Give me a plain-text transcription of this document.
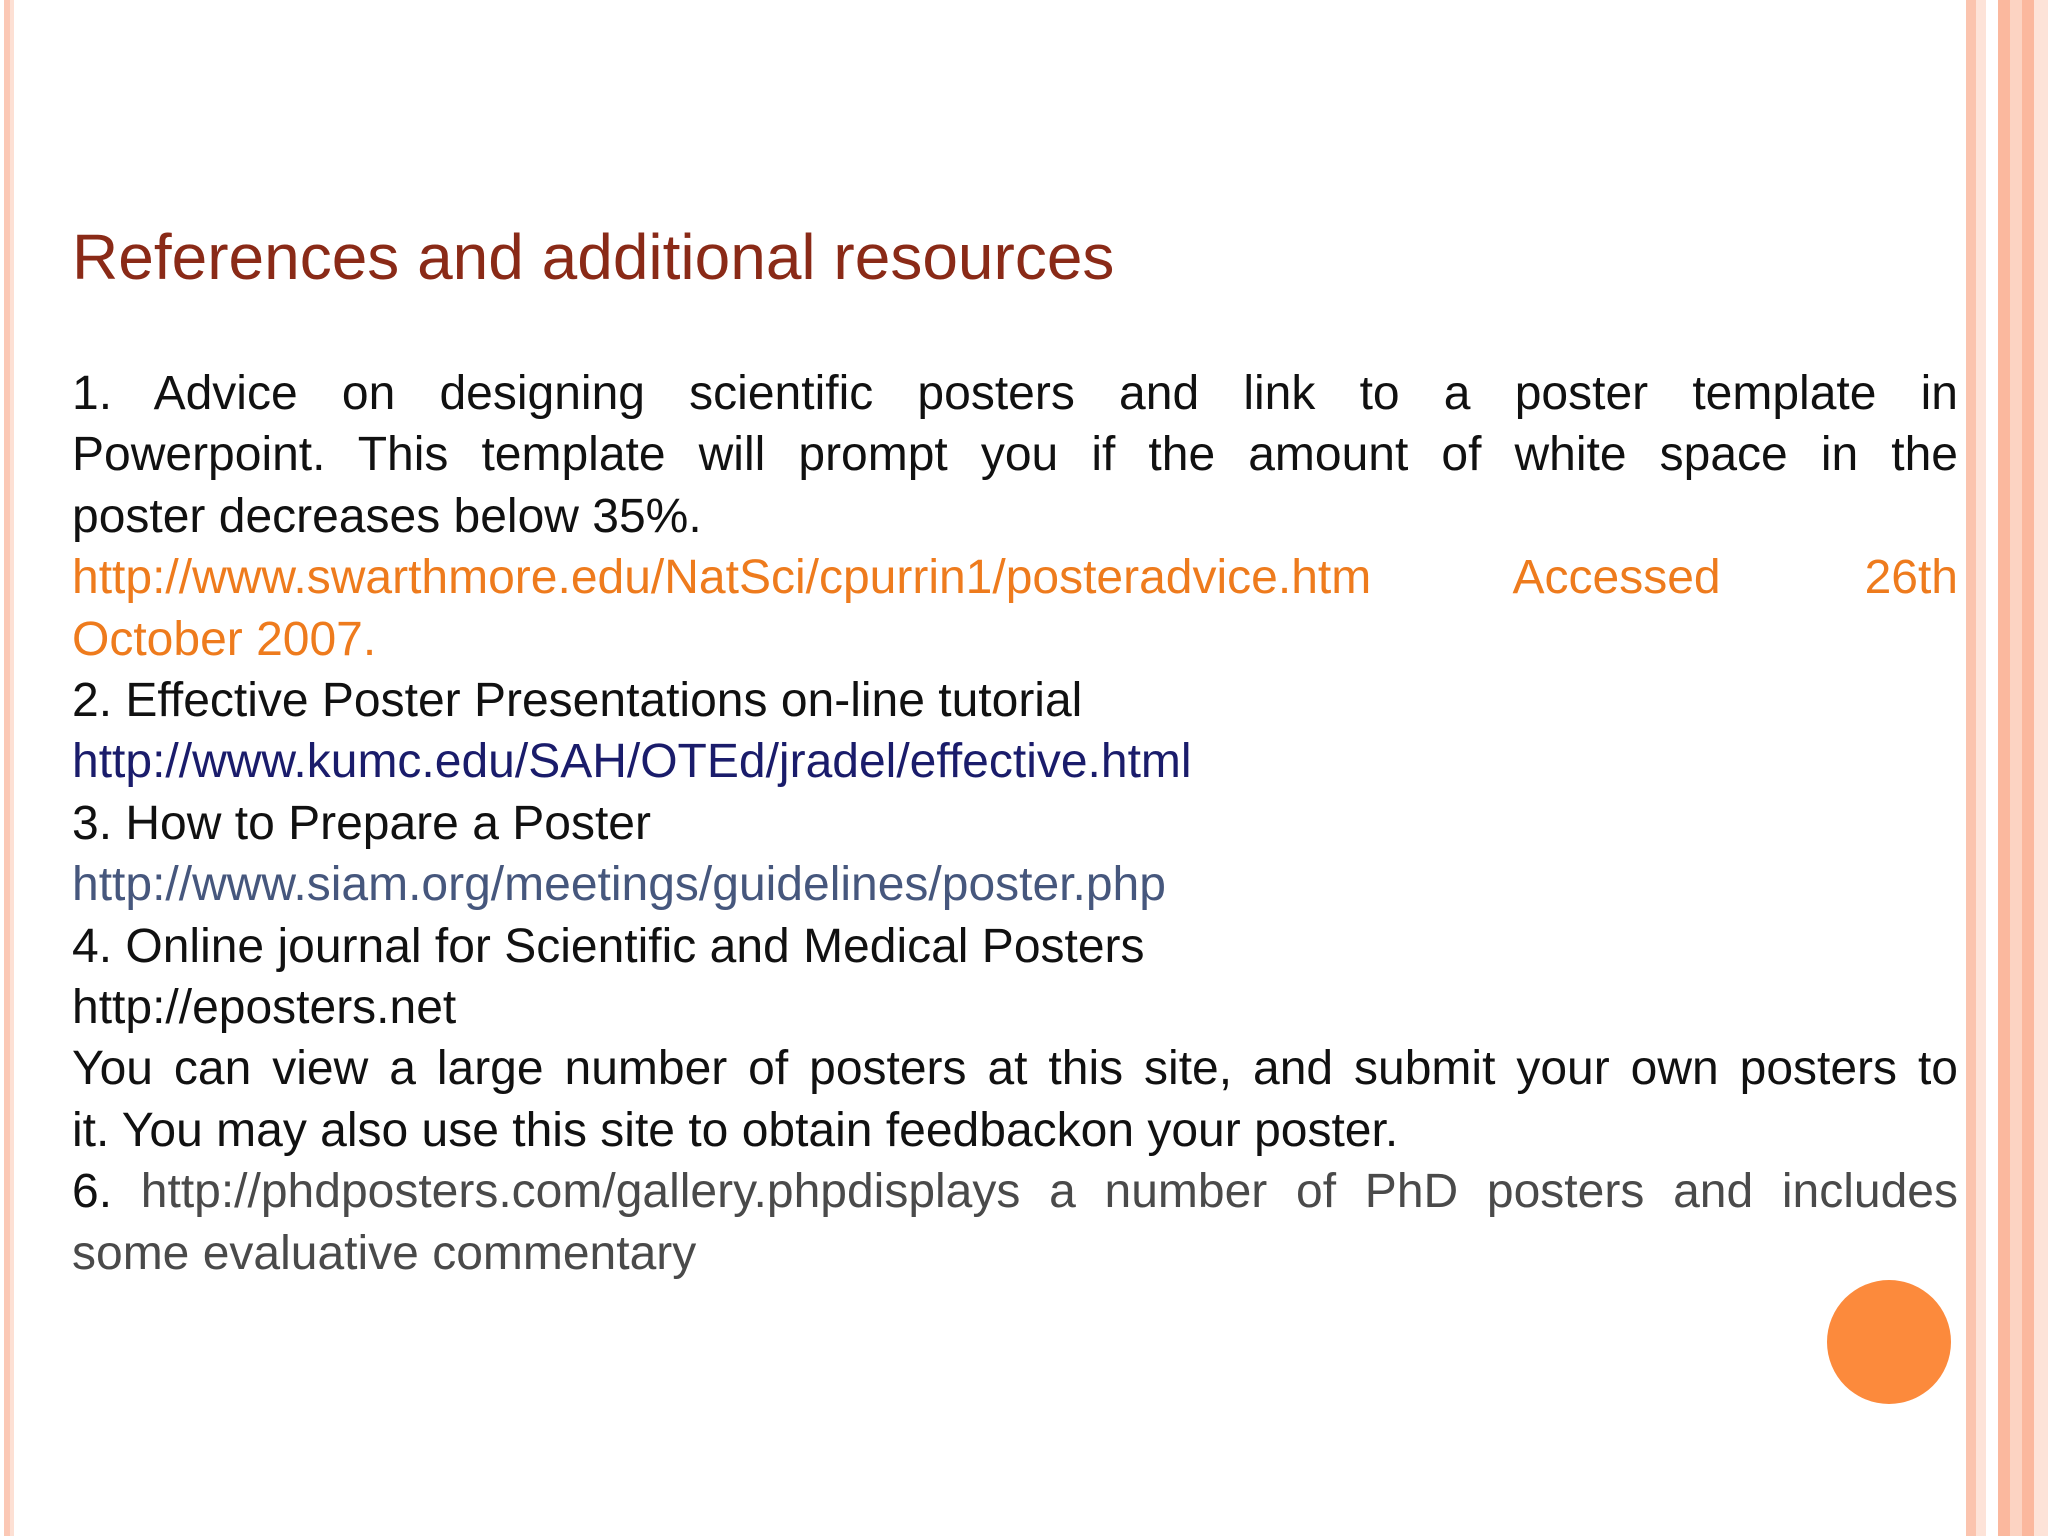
References and additional resources

1. Advice on designing scientific posters and link to a poster template in

Powerpoint. This template will prompt you if the amount of white space in the

poster decreases below 35%.

http://www.swarthmore.edu/NatSci/cpurrin1/posteradvice.htm Accessed 26th

October 2007.

2. Effective Poster Presentations on-line tutorial

http://www.kumc.edu/SAH/OTEd/jradel/effective.html

3. How to Prepare a Poster

http://www.siam.org/meetings/guidelines/poster.php

4. Online journal for Scientific and Medical Posters

http://eposters.net

You can view a large number of posters at this site, and submit your own posters to

it. You may also use this site to obtain feedbackon your poster.

6. http://phdposters.com/gallery.phpdisplays a number of PhD posters and includes

some evaluative commentary
